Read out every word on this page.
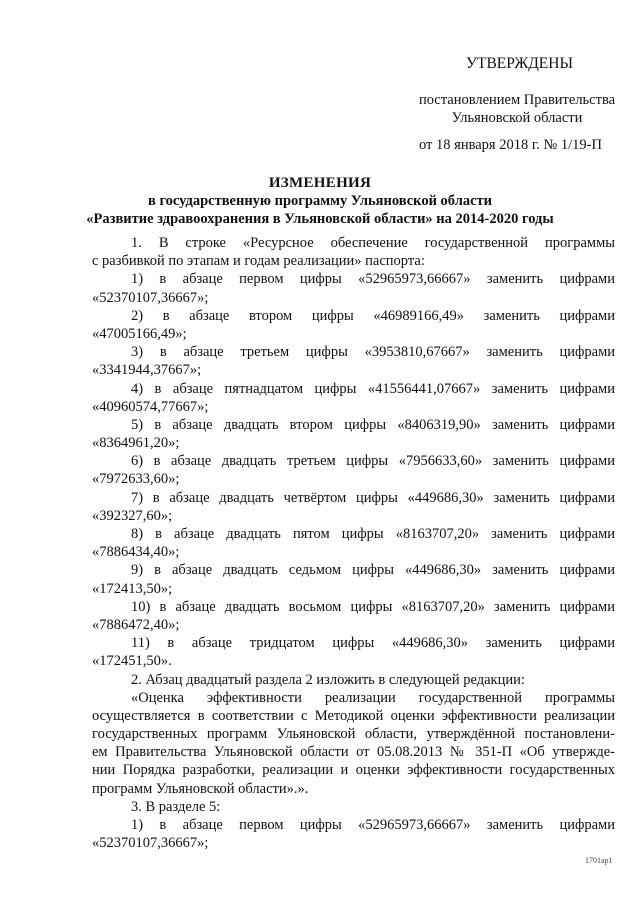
УТВЕРЖДЕНЫ
постановлением Правительства
Ульяновской области
от 18 января 2018 г. № 1/19-П
ИЗМЕНЕНИЯ
в государственную программу Ульяновской области
«Развитие здравоохранения в Ульяновской области» на 2014-2020 годы
1. В строке «Ресурсное обеспечение государственной программы
с разбивкой по этапам и годам реализации» паспорта:
1) в абзаце первом цифры «52965973,66667» заменить цифрами
«52370107,36667»;
2) в абзаце втором цифры «46989166,49» заменить цифрами
«47005166,49»;
3) в абзаце третьем цифры «3953810,67667» заменить цифрами
«3341944,37667»;
4) в абзаце пятнадцатом цифры «41556441,07667» заменить цифрами
«40960574,77667»;
5) в абзаце двадцать втором цифры «8406319,90» заменить цифрами
«8364961,20»;
6) в абзаце двадцать третьем цифры «7956633,60» заменить цифрами
«7972633,60»;
7) в абзаце двадцать четвёртом цифры «449686,30» заменить цифрами
«392327,60»;
8) в абзаце двадцать пятом цифры «8163707,20» заменить цифрами
«7886434,40»;
9) в абзаце двадцать седьмом цифры «449686,30» заменить цифрами
«172413,50»;
10) в абзаце двадцать восьмом цифры «8163707,20» заменить цифрами
«7886472,40»;
11) в абзаце тридцатом цифры «449686,30» заменить цифрами
«172451,50».
2. Абзац двадцатый раздела 2 изложить в следующей редакции:
«Оценка эффективности реализации государственной программы
осуществляется в соответствии с Методикой оценки эффективности реализации
государственных программ Ульяновской области, утверждённой постановлени-
ем Правительства Ульяновской области от 05.08.2013 № 351-П «Об утвержде-
нии Порядка разработки, реализации и оценки эффективности государственных
программ Ульяновской области».».
3. В разделе 5:
1) в абзаце первом цифры «52965973,66667» заменить цифрами
«52370107,36667»;
1701ap1
